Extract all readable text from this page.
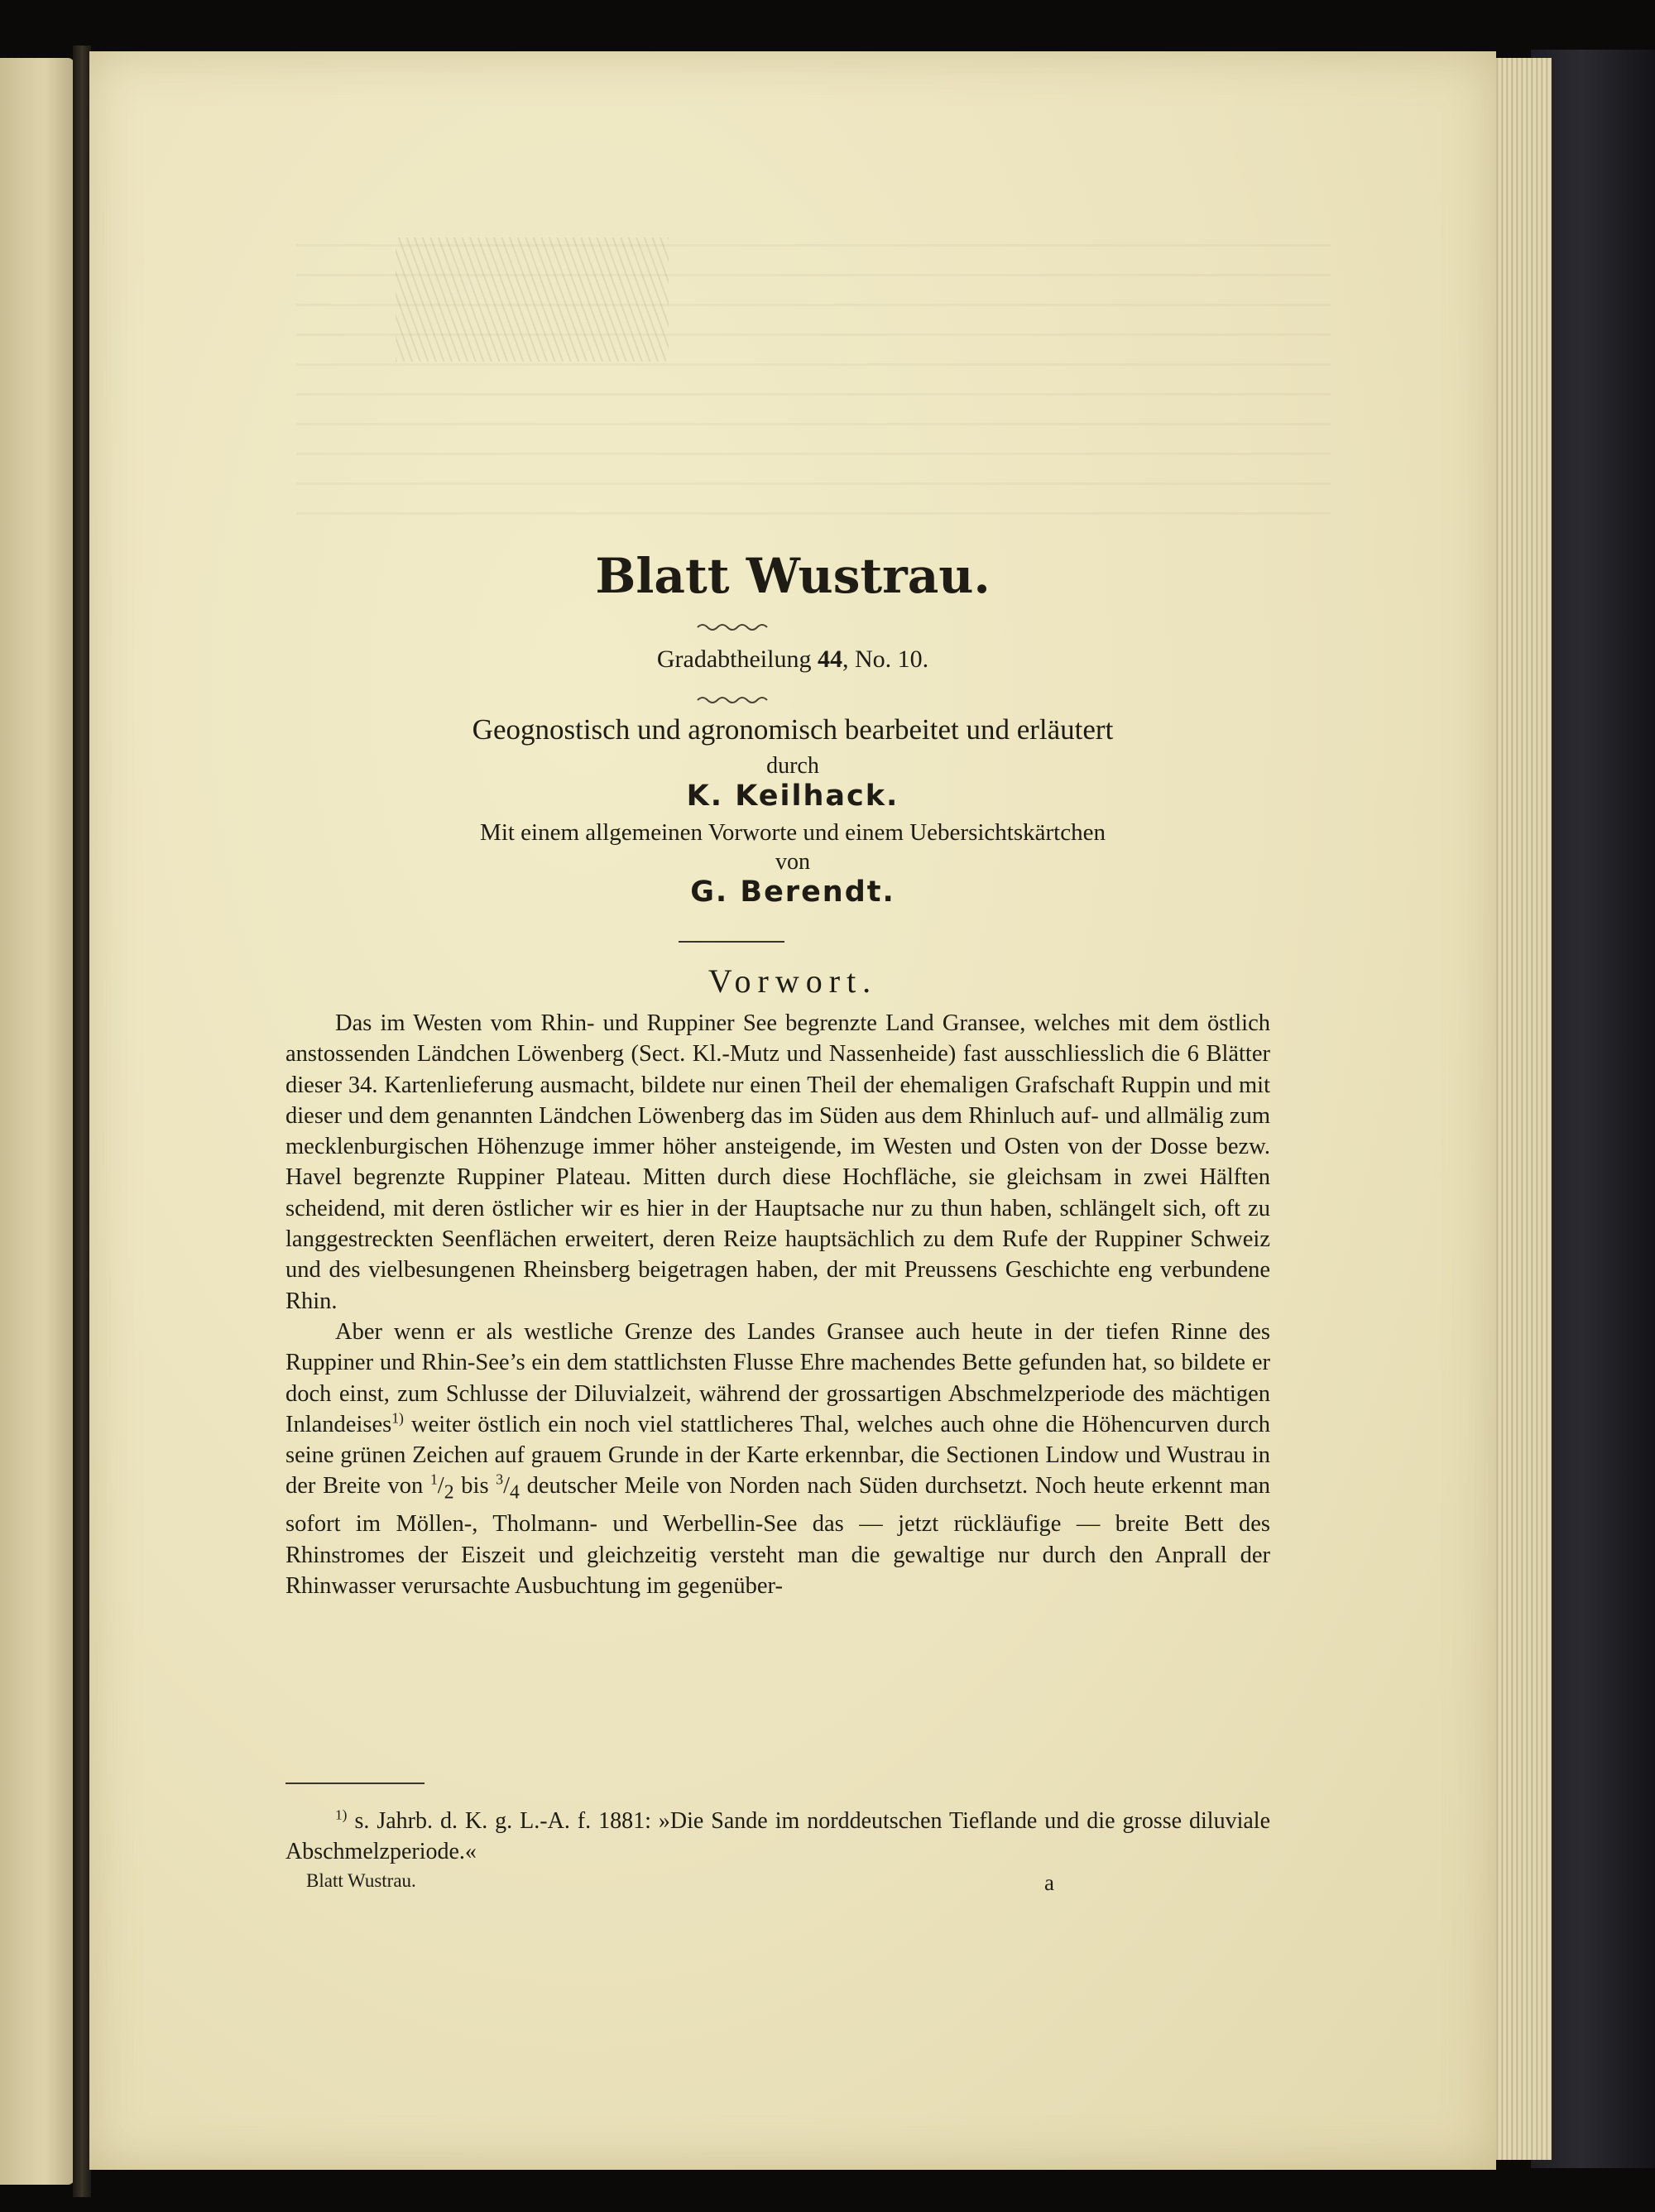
Blatt Wustrau.
Gradabtheilung 44, No. 10.
Geognostisch und agronomisch bearbeitet und erläutert
durch
K. Keilhack.
Mit einem allgemeinen Vorworte und einem Uebersichtskärtchen
von
G. Berendt.
Vorwort.

Das im Westen vom Rhin- und Ruppiner See begrenzte Land Gransee, welches mit dem östlich anstossenden Ländchen Löwenberg (Sect. Kl.-Mutz und Nassenheide) fast ausschliesslich die 6 Blätter dieser 34. Kartenlieferung ausmacht, bildete nur einen Theil der ehemaligen Grafschaft Ruppin und mit dieser und dem genannten Ländchen Löwenberg das im Süden aus dem Rhinluch auf- und allmälig zum mecklenburgischen Höhenzuge immer höher ansteigende, im Westen und Osten von der Dosse bezw. Havel begrenzte Ruppiner Plateau. Mitten durch diese Hochfläche, sie gleichsam in zwei Hälften scheidend, mit deren östlicher wir es hier in der Hauptsache nur zu thun haben, schlängelt sich, oft zu langgestreckten Seenflächen erweitert, deren Reize hauptsächlich zu dem Rufe der Ruppiner Schweiz und des vielbesungenen Rheinsberg beigetragen haben, der mit Preussens Geschichte eng verbundene Rhin.

Aber wenn er als westliche Grenze des Landes Gransee auch heute in der tiefen Rinne des Ruppiner und Rhin-See’s ein dem stattlichsten Flusse Ehre machendes Bette gefunden hat, so bildete er doch einst, zum Schlusse der Diluvialzeit, während der grossartigen Abschmelzperiode des mächtigen Inlandeises$^{1)}$ weiter östlich ein noch viel stattlicheres Thal, welches auch ohne die Höhencurven durch seine grünen Zeichen auf grauem Grunde in der Karte erkennbar, die Sectionen Lindow und Wustrau in der Breite von $^1/_2$ bis $^3/_4$ deutscher Meile von Norden nach Süden durchsetzt. Noch heute erkennt man sofort im Möllen-, Tholmann- und Werbellin-See das — jetzt rückläufige — breite Bett des Rhinstromes der Eiszeit und gleichzeitig versteht man die gewaltige nur durch den Anprall der Rhinwasser verursachte Ausbuchtung im gegenüber-

$^{1)}$ s. Jahrb. d. K. g. L.-A. f. 1881: »Die Sande im norddeutschen Tieflande und die grosse diluviale Abschmelzperiode.«

Blatt Wustrau.	a
